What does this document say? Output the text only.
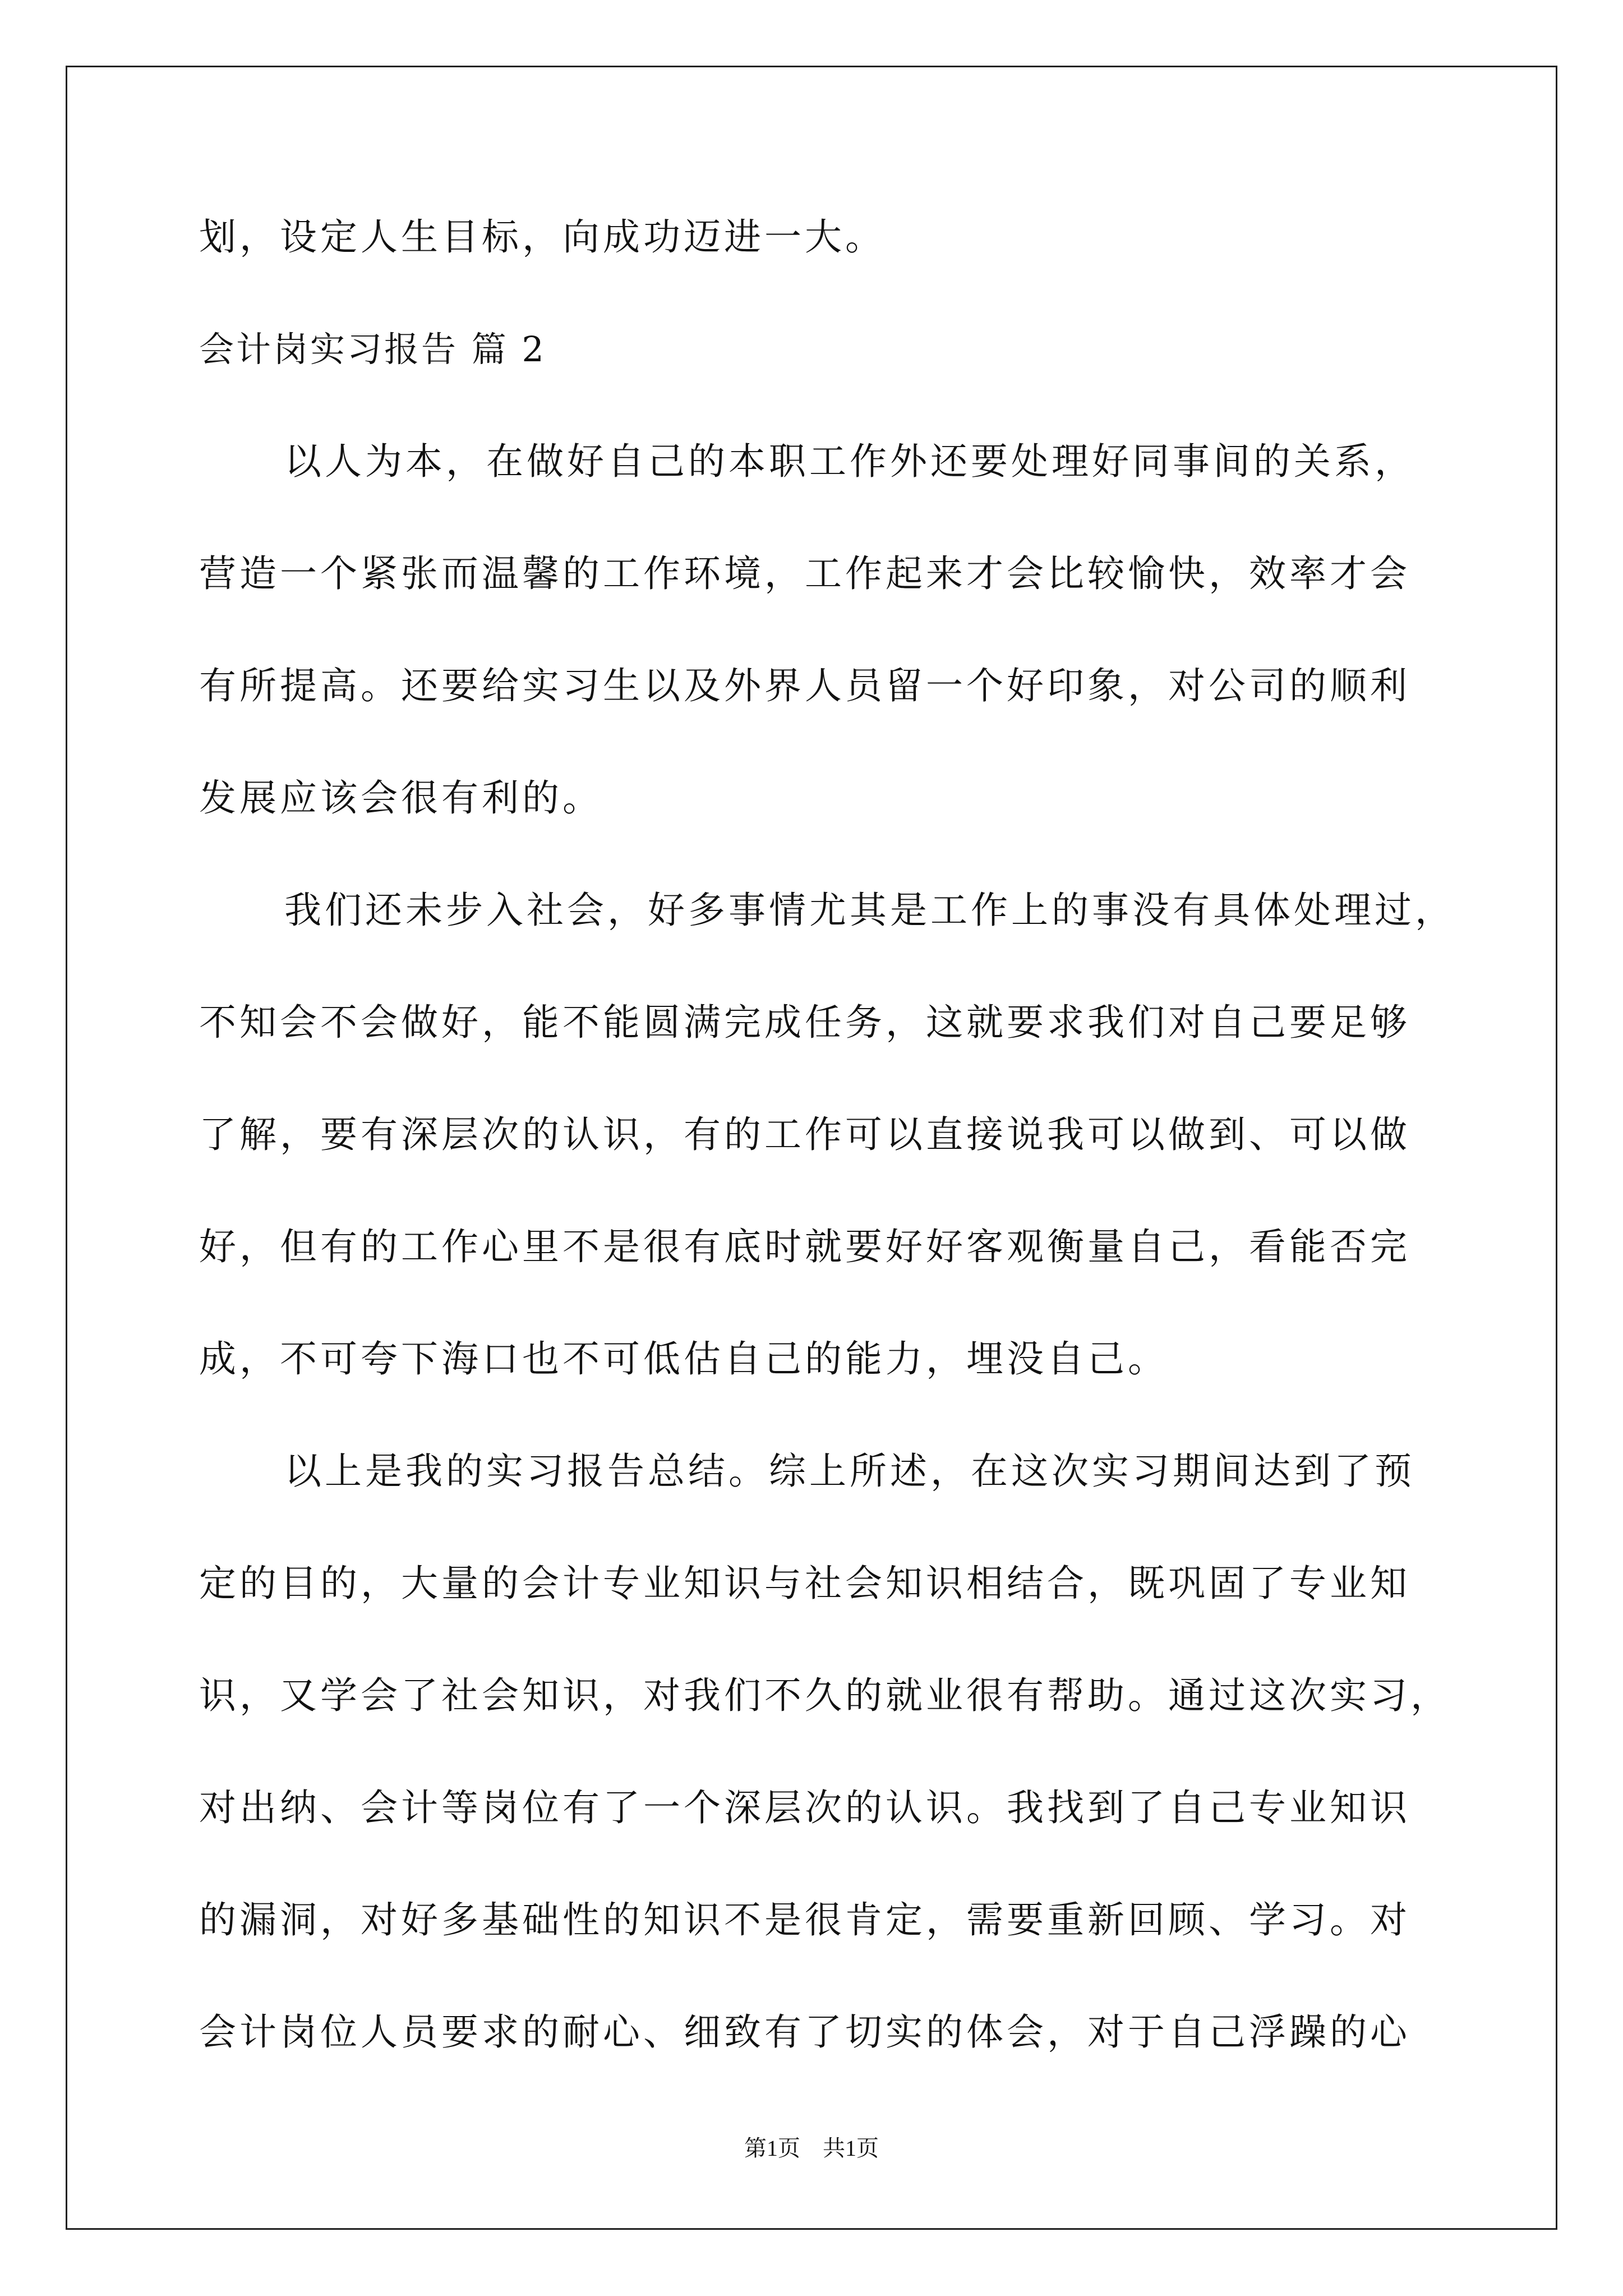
划，设定人生目标，向成功迈进一大。
会计岗实习报告 篇 2
以人为本，在做好自己的本职工作外还要处理好同事间的关系，
营造一个紧张而温馨的工作环境，工作起来才会比较愉快，效率才会
有所提高。还要给实习生以及外界人员留一个好印象，对公司的顺利
发展应该会很有利的。
我们还未步入社会，好多事情尤其是工作上的事没有具体处理过，
不知会不会做好，能不能圆满完成任务，这就要求我们对自己要足够
了解，要有深层次的认识，有的工作可以直接说我可以做到、可以做
好，但有的工作心里不是很有底时就要好好客观衡量自己，看能否完
成，不可夸下海口也不可低估自己的能力，埋没自己。
以上是我的实习报告总结。综上所述，在这次实习期间达到了预
定的目的，大量的会计专业知识与社会知识相结合，既巩固了专业知
识，又学会了社会知识，对我们不久的就业很有帮助。通过这次实习，
对出纳、会计等岗位有了一个深层次的认识。我找到了自己专业知识
的漏洞，对好多基础性的知识不是很肯定，需要重新回顾、学习。对
会计岗位人员要求的耐心、细致有了切实的体会，对于自己浮躁的心
第1页　共1页
